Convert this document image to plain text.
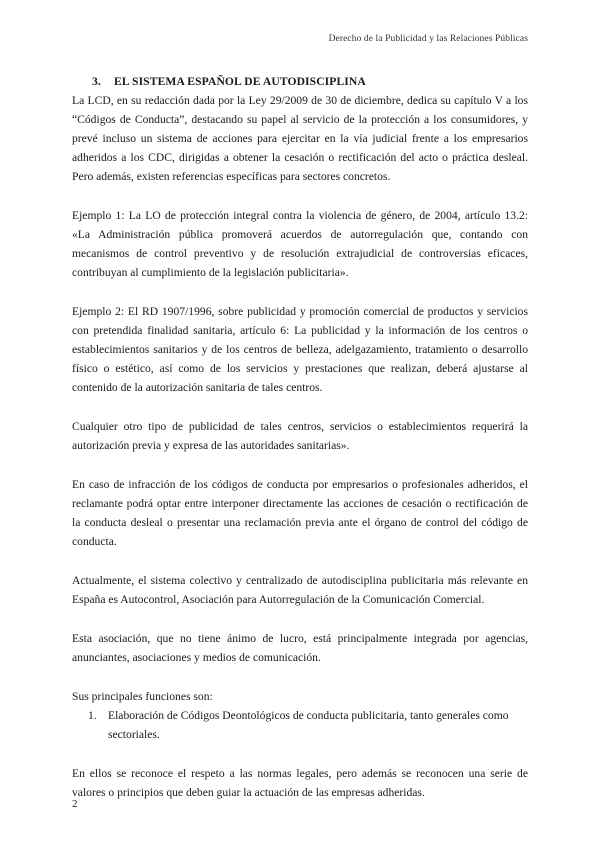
Derecho de la Publicidad y las Relaciones Públicas
3. EL SISTEMA ESPAÑOL DE AUTODISCIPLINA

La LCD, en su redacción dada por la Ley 29/2009 de 30 de diciembre, dedica su capítulo V a los “Códigos de Conducta”, destacando su papel al servicio de la protección a los consumidores, y prevé incluso un sistema de acciones para ejercitar en la vía judicial frente a los empresarios adheridos a los CDC, dirigidas a obtener la cesación o rectificación del acto o práctica desleal. Pero además, existen referencias específicas para sectores concretos.

Ejemplo 1: La LO de protección integral contra la violencia de género, de 2004, artículo 13.2: «La Administración pública promoverá acuerdos de autorregulación que, contando con mecanismos de control preventivo y de resolución extrajudicial de controversias eficaces, contribuyan al cumplimiento de la legislación publicitaria».

Ejemplo 2: El RD 1907/1996, sobre publicidad y promoción comercial de productos y servicios con pretendida finalidad sanitaria, artículo 6: La publicidad y la información de los centros o establecimientos sanitarios y de los centros de belleza, adelgazamiento, tratamiento o desarrollo físico o estético, así como de los servicios y prestaciones que realizan, deberá ajustarse al contenido de la autorización sanitaria de tales centros.

Cualquier otro tipo de publicidad de tales centros, servicios o establecimientos requerirá la autorización previa y expresa de las autoridades sanitarias».

En caso de infracción de los códigos de conducta por empresarios o profesionales adheridos, el reclamante podrá optar entre interponer directamente las acciones de cesación o rectificación de la conducta desleal o presentar una reclamación previa ante el órgano de control del código de conducta.

Actualmente, el sistema colectivo y centralizado de autodisciplina publicitaria más relevante en España es Autocontrol, Asociación para Autorregulación de la Comunicación Comercial.

Esta asociación, que no tiene ánimo de lucro, está principalmente integrada por agencias, anunciantes, asociaciones y medios de comunicación.

Sus principales funciones son:

1. Elaboración de Códigos Deontológicos de conducta publicitaria, tanto generales como sectoriales.

En ellos se reconoce el respeto a las normas legales, pero además se reconocen una serie de valores o principios que deben guiar la actuación de las empresas adheridas.

2
